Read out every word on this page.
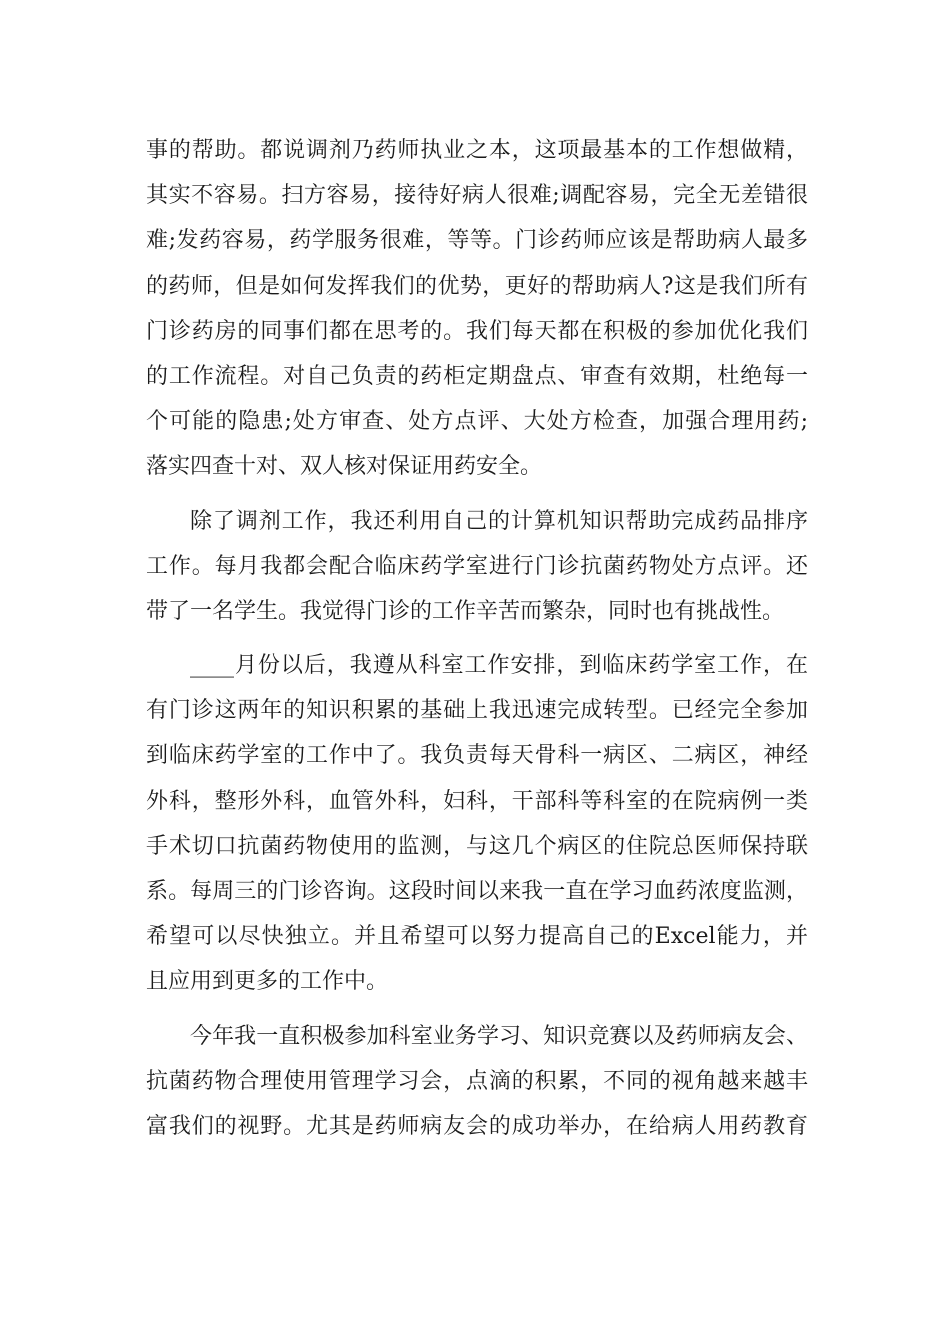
事的帮助。都说调剂乃药师执业之本，这项最基本的工作想做精，
其实不容易。扫方容易，接待好病人很难;调配容易，完全无差错很
难;发药容易，药学服务很难，等等。门诊药师应该是帮助病人最多
的药师，但是如何发挥我们的优势，更好的帮助病人?这是我们所有
门诊药房的同事们都在思考的。我们每天都在积极的参加优化我们
的工作流程。对自己负责的药柜定期盘点、审查有效期，杜绝每一
个可能的隐患;处方审查、处方点评、大处方检查，加强合理用药;
落实四查十对、双人核对保证用药安全。
除了调剂工作，我还利用自己的计算机知识帮助完成药品排序
工作。每月我都会配合临床药学室进行门诊抗菌药物处方点评。还
带了一名学生。我觉得门诊的工作辛苦而繁杂，同时也有挑战性。
____月份以后，我遵从科室工作安排，到临床药学室工作，在
有门诊这两年的知识积累的基础上我迅速完成转型。已经完全参加
到临床药学室的工作中了。我负责每天骨科一病区、二病区，神经
外科，整形外科，血管外科，妇科，干部科等科室的在院病例一类
手术切口抗菌药物使用的监测，与这几个病区的住院总医师保持联
系。每周三的门诊咨询。这段时间以来我一直在学习血药浓度监测，
希望可以尽快独立。并且希望可以努力提高自己的Excel能力，并
且应用到更多的工作中。
今年我一直积极参加科室业务学习、知识竞赛以及药师病友会、
抗菌药物合理使用管理学习会，点滴的积累，不同的视角越来越丰
富我们的视野。尤其是药师病友会的成功举办，在给病人用药教育
